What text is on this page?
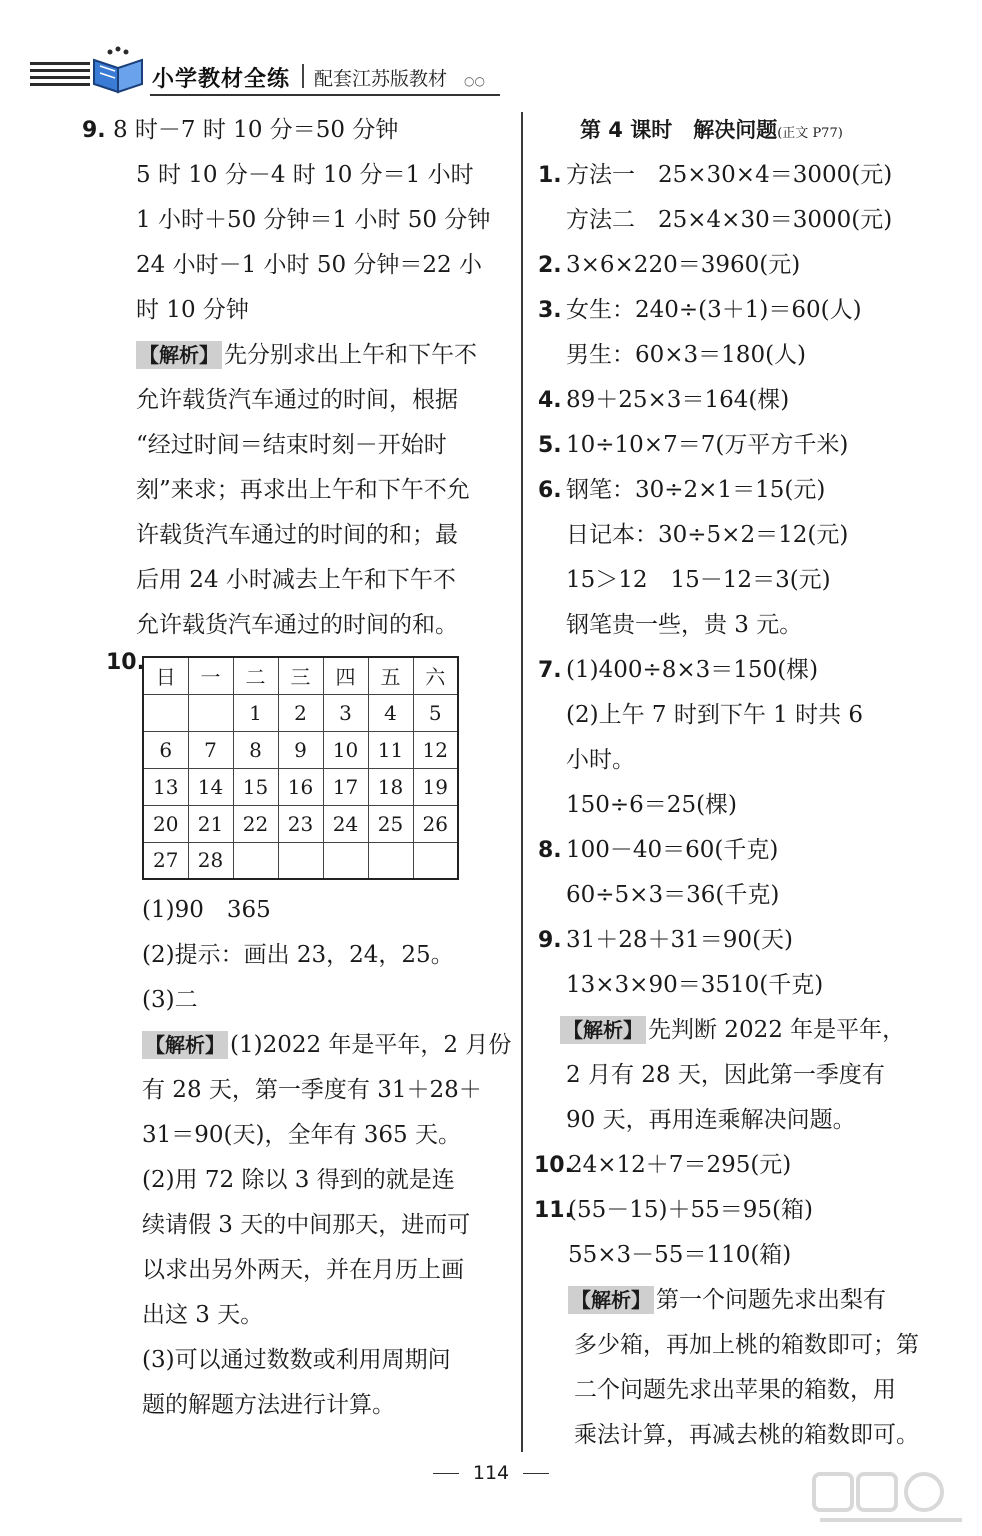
小学教材全练 配套江苏版教材 ○○
9. 8 时－7 时 10 分＝50 分钟
5 时 10 分－4 时 10 分＝1 小时
1 小时＋50 分钟＝1 小时 50 分钟
24 小时－1 小时 50 分钟＝22 小
时 10 分钟
【解析】 先分别求出上午和下午不
允许载货汽车通过的时间，根据
“经过时间＝结束时刻－开始时
刻”来求；再求出上午和下午不允
许载货汽车通过的时间的和；最
后用 24 小时减去上午和下午不
允许载货汽车通过的时间的和。
10.
日	一	二	三	四	五	六
		1	2	3	4	5
6	7	8	9	10	11	12
13	14	15	16	17	18	19
20	21	22	23	24	25	26
27	28					
(1)90　365
(2)提示：画出 23，24，25。
(3)二
【解析】 (1)2022 年是平年，2 月份
有 28 天，第一季度有 31＋28＋
31＝90(天)，全年有 365 天。
(2)用 72 除以 3 得到的就是连
续请假 3 天的中间那天，进而可
以求出另外两天，并在月历上画
出这 3 天。
(3)可以通过数数或利用周期问
题的解题方法进行计算。
第 4 课时　解决问题(正文 P77)
1. 方法一　25×30×4＝3000(元)
方法二　25×4×30＝3000(元)
2. 3×6×220＝3960(元)
3. 女生：240÷(3＋1)＝60(人)
男生：60×3＝180(人)
4. 89＋25×3＝164(棵)
5. 10÷10×7＝7(万平方千米)
6. 钢笔：30÷2×1＝15(元)
日记本：30÷5×2＝12(元)
15＞12　15－12＝3(元)
钢笔贵一些，贵 3 元。
7. (1)400÷8×3＝150(棵)
(2)上午 7 时到下午 1 时共 6
小时。
150÷6＝25(棵)
8. 100－40＝60(千克)
60÷5×3＝36(千克)
9. 31＋28＋31＝90(天)
13×3×90＝3510(千克)
【解析】 先判断 2022 年是平年，
2 月有 28 天，因此第一季度有
90 天，再用连乘解决问题。
10.24×12＋7＝295(元)
11.(55－15)＋55＝95(箱)
55×3－55＝110(箱)
【解析】 第一个问题先求出梨有
多少箱，再加上桃的箱数即可；第
二个问题先求出苹果的箱数，用
乘法计算，再减去桃的箱数即可。
114
